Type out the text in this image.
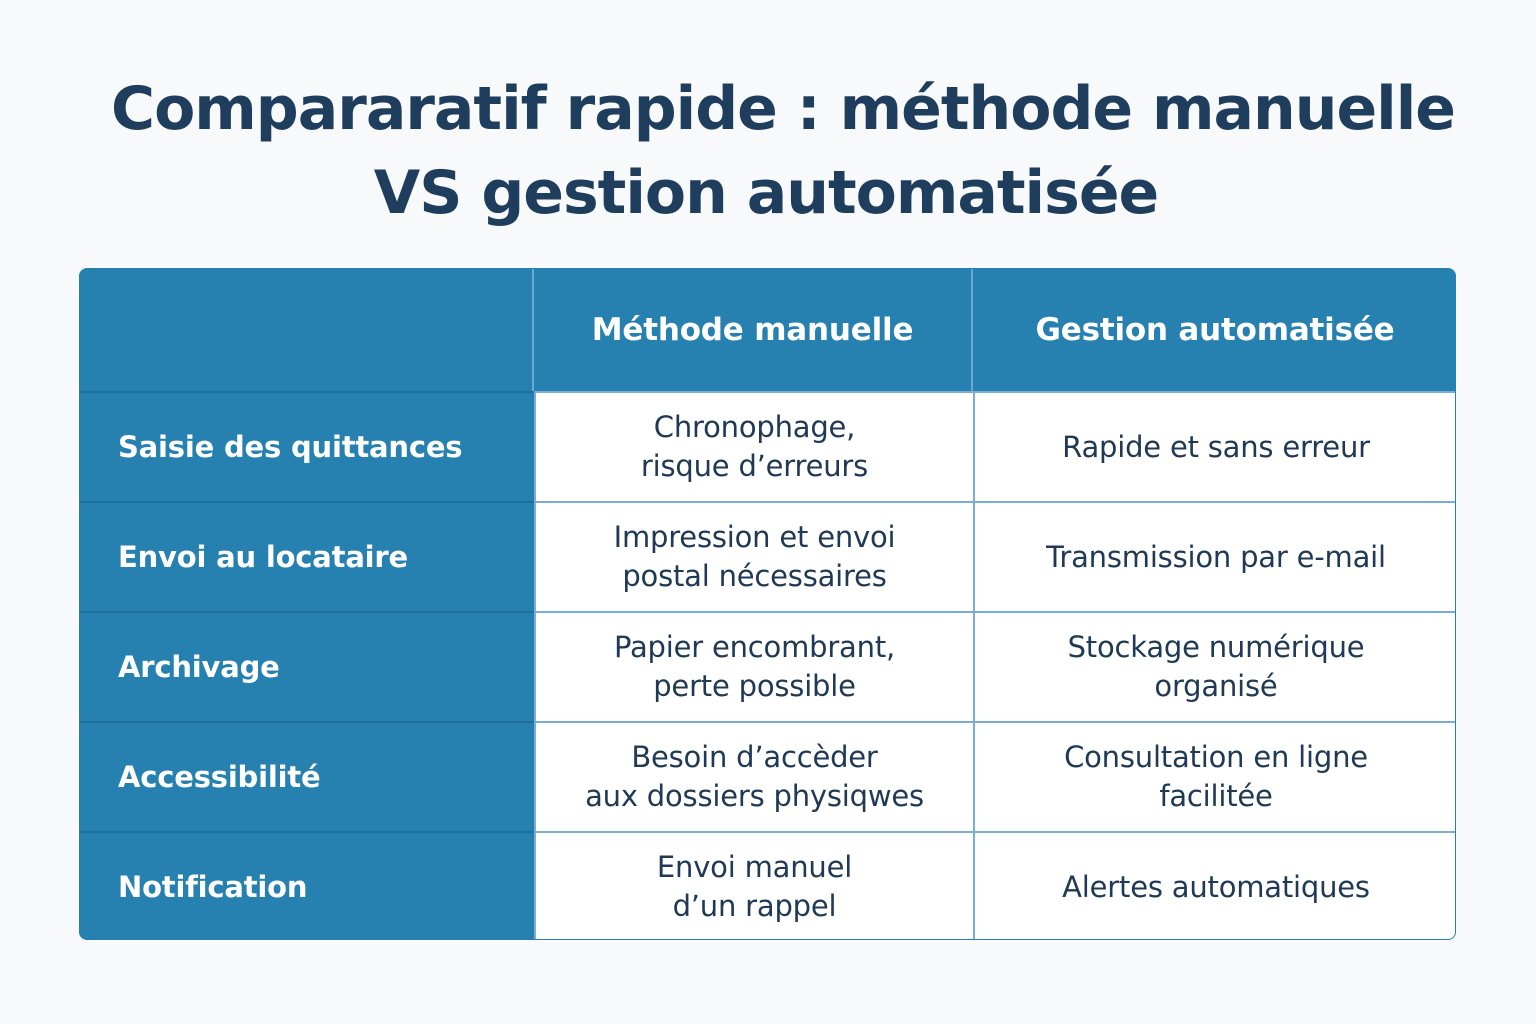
Compararatif rapide : méthode manuelle
VS gestion automatisée
Méthode manuelle	Gestion automatisée
Saisie des quittances
Chronophage,
risque d’erreurs
Rapide et sans erreur
Envoi au locataire
Impression et envoi
postal nécessaires
Transmission par e-mail
Archivage
Papier encombrant,
perte possible
Stockage numérique
organisé
Accessibilité
Besoin d’accèder
aux dossiers physiqwes
Consultation en ligne
facilitée
Notification
Envoi manuel
d’un rappel
Alertes automatiques
